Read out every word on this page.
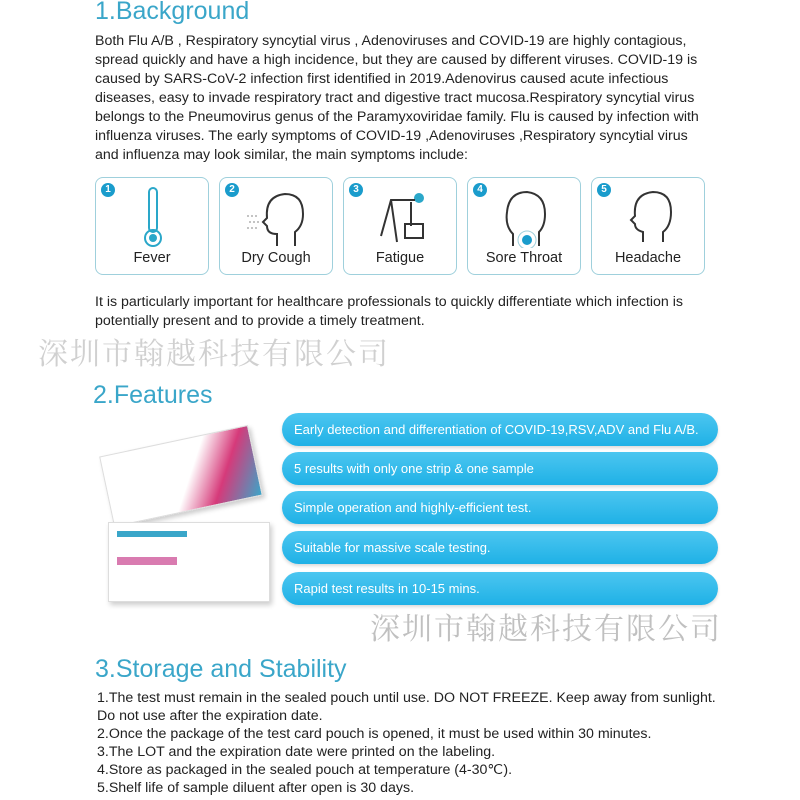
1.Background

Both Flu A/B , Respiratory syncytial virus , Adenoviruses and COVID-19 are highly contagious, spread quickly and have a high incidence, but they are caused by different viruses. COVID-19 is caused by SARS-CoV-2 infection first identified in 2019.Adenovirus caused acute infectious diseases, easy to invade respiratory tract and digestive tract mucosa.Respiratory syncytial virus belongs to the Pneumovirus genus of the Paramyxoviridae family. Flu is caused by infection with influenza viruses. The early symptoms of COVID-19 ,Adenoviruses ,Respiratory syncytial virus and influenza may look similar, the main symptoms include:

1
Fever
2
Dry Cough
3
Fatigue
4
Sore Throat
5
Headache

It is particularly important for healthcare professionals to quickly differentiate which infection is potentially present and to provide a timely treatment.

深圳市翰越科技有限公司
2.Features
Early detection and differentiation of COVID-19,RSV,ADV and Flu A/B.
5 results with only one strip & one sample
Simple operation and highly-efficient test.
Suitable for massive scale testing.
Rapid test results in 10-15 mins.
深圳市翰越科技有限公司
3.Storage and Stability
1.The test must remain in the sealed pouch until use. DO NOT FREEZE. Keep away from sunlight. Do not use after the expiration date.
2.Once the package of the test card pouch is opened, it must be used within 30 minutes.
3.The LOT and the expiration date were printed on the labeling.
4.Store as packaged in the sealed pouch at temperature (4-30℃).
5.Shelf life of sample diluent after open is 30 days.
